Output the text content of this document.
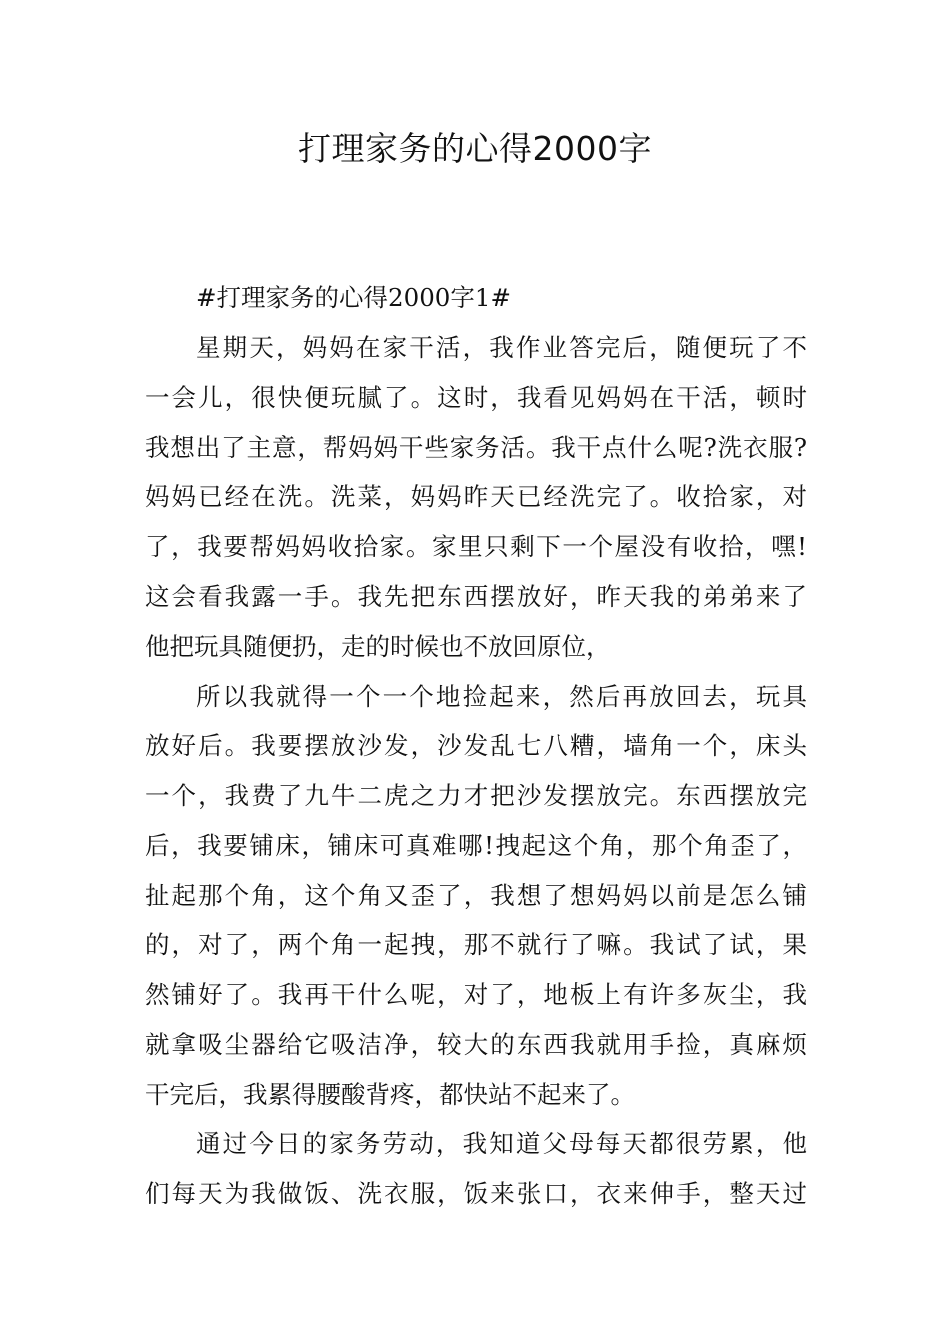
打理家务的心得2000字

#打理家务的心得2000字1#

星期天，妈妈在家干活，我作业答完后，随便玩了不

一会儿，很快便玩腻了。这时，我看见妈妈在干活，顿时

我想出了主意，帮妈妈干些家务活。我干点什么呢?洗衣服?

妈妈已经在洗。洗菜，妈妈昨天已经洗完了。收拾家，对

了，我要帮妈妈收拾家。家里只剩下一个屋没有收拾，嘿!

这会看我露一手。我先把东西摆放好，昨天我的弟弟来了

他把玩具随便扔，走的时候也不放回原位，

所以我就得一个一个地捡起来，然后再放回去，玩具

放好后。我要摆放沙发，沙发乱七八糟，墙角一个，床头

一个，我费了九牛二虎之力才把沙发摆放完。东西摆放完

后，我要铺床，铺床可真难哪!拽起这个角，那个角歪了，

扯起那个角，这个角又歪了，我想了想妈妈以前是怎么铺

的，对了，两个角一起拽，那不就行了嘛。我试了试，果

然铺好了。我再干什么呢，对了，地板上有许多灰尘，我

就拿吸尘器给它吸洁净，较大的东西我就用手捡，真麻烦

干完后，我累得腰酸背疼，都快站不起来了。

通过今日的家务劳动，我知道父母每天都很劳累，他

们每天为我做饭、洗衣服，饭来张口，衣来伸手，整天过
